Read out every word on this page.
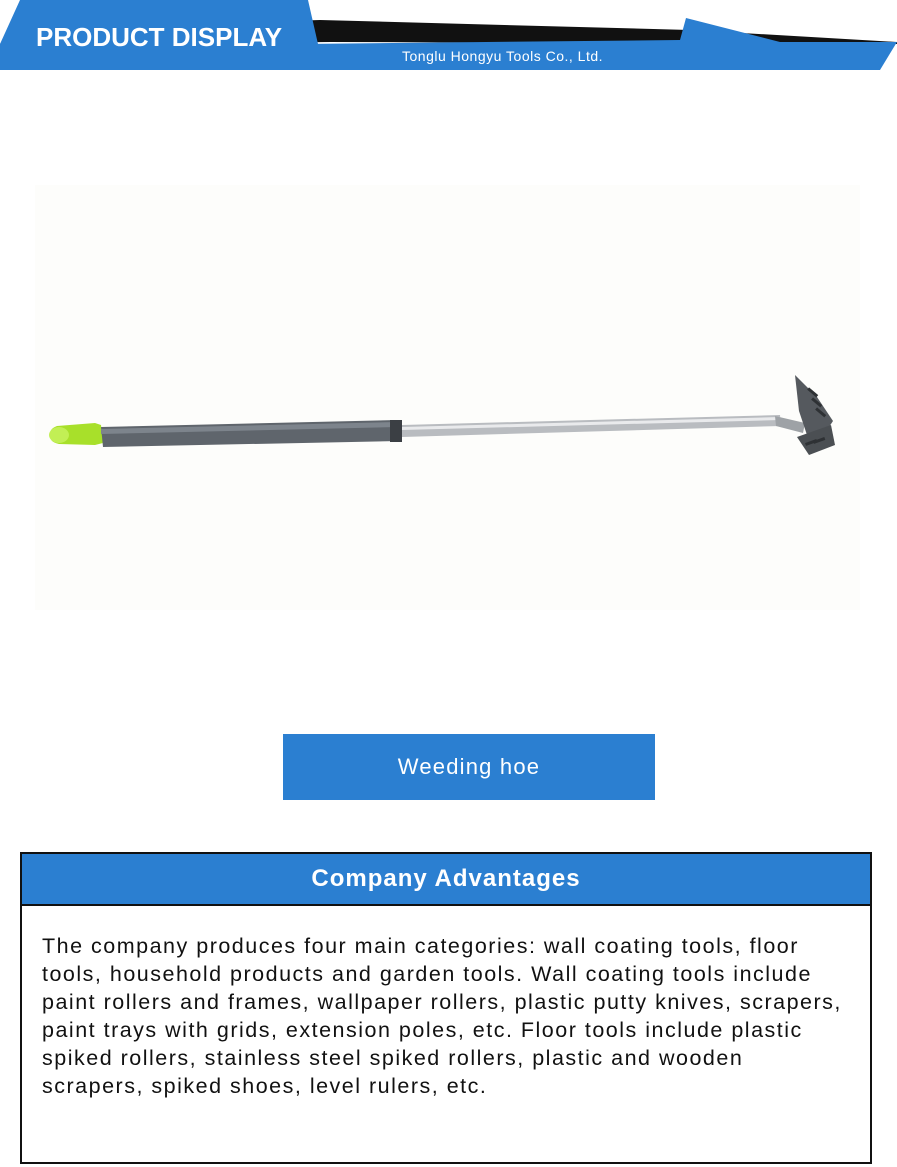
PRODUCT DISPLAY
Tonglu Hongyu Tools Co., Ltd.
Weeding hoe
Company Advantages
The company produces four main categories: wall coating tools, floor tools, household products and garden tools. Wall coating tools include paint rollers and frames, wallpaper rollers, plastic putty knives, scrapers, paint trays with grids, extension poles, etc. Floor tools include plastic spiked rollers, stainless steel spiked rollers, plastic and wooden scrapers, spiked shoes, level rulers, etc.
